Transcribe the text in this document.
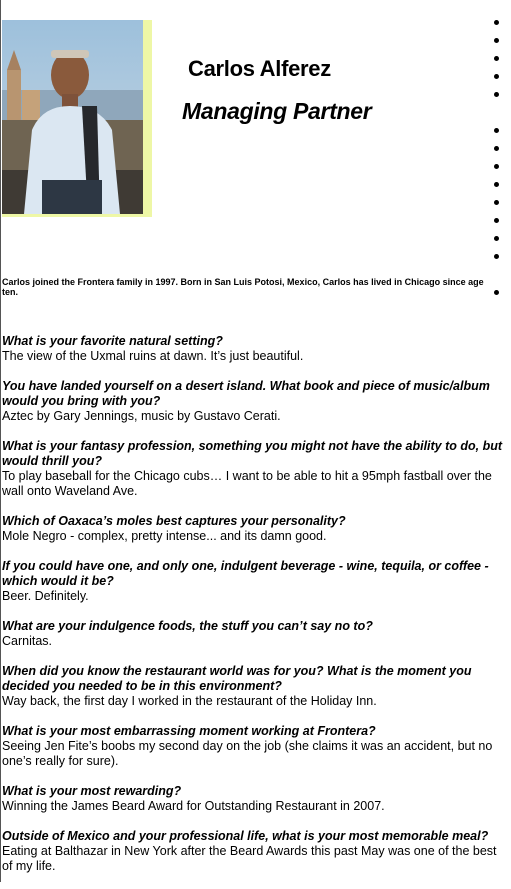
Carlos Alferez
Managing Partner
Carlos joined the Frontera family in 1997. Born in San Luis Potosi, Mexico, Carlos has lived in Chicago since age ten.
What is your favorite natural setting?
The view of the Uxmal ruins at dawn. It’s just beautiful.
You have landed yourself on a desert island. What book and piece of music/album would you bring with you?
Aztec by Gary Jennings, music by Gustavo Cerati.
What is your fantasy profession, something you might not have the ability to do, but would thrill you?
To play baseball for the Chicago cubs… I want to be able to hit a 95mph fastball over the wall onto Waveland Ave.
Which of Oaxaca’s moles best captures your personality?
Mole Negro - complex, pretty intense... and its damn good.
If you could have one, and only one, indulgent beverage - wine, tequila, or coffee - which would it be?
Beer. Definitely.
What are your indulgence foods, the stuff you can’t say no to?
Carnitas.
When did you know the restaurant world was for you? What is the moment you decided you needed to be in this environment?
Way back, the first day I worked in the restaurant of the Holiday Inn.
What is your most embarrassing moment working at Frontera?
Seeing Jen Fite’s boobs my second day on the job (she claims it was an accident, but no one’s really for sure).
What is your most rewarding?
Winning the James Beard Award for Outstanding Restaurant in 2007.
Outside of Mexico and your professional life, what is your most memorable meal?
Eating at Balthazar in New York after the Beard Awards this past May was one of the best of my life.
